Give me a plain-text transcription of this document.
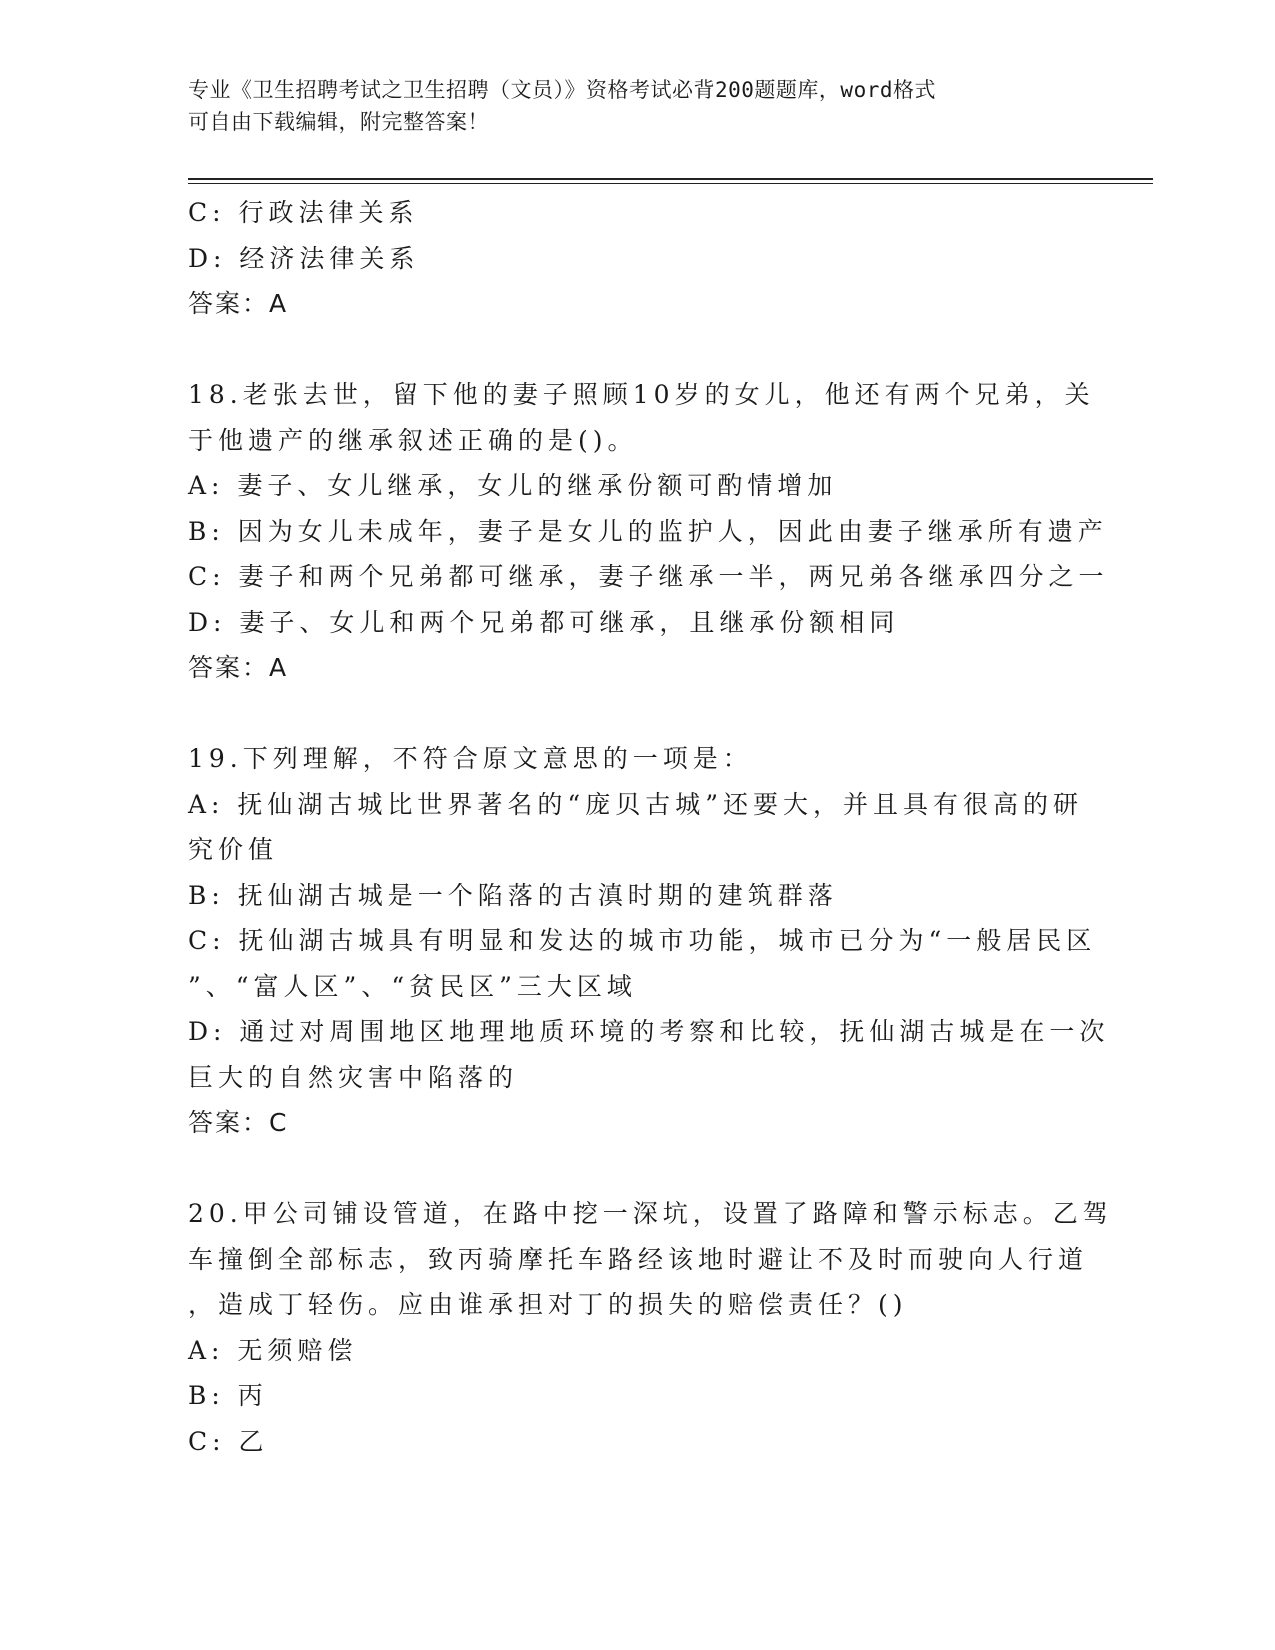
专业《卫生招聘考试之卫生招聘（文员）》资格考试必背200题题库，word格式
可自由下载编辑，附完整答案！
C: 行政法律关系
D: 经济法律关系
答案：A
18.老张去世，留下他的妻子照顾10岁的女儿，他还有两个兄弟，关
于他遗产的继承叙述正确的是()。
A: 妻子、女儿继承，女儿的继承份额可酌情增加
B: 因为女儿未成年，妻子是女儿的监护人，因此由妻子继承所有遗产
C: 妻子和两个兄弟都可继承，妻子继承一半，两兄弟各继承四分之一
D: 妻子、女儿和两个兄弟都可继承，且继承份额相同
答案：A
19.下列理解，不符合原文意思的一项是：
A: 抚仙湖古城比世界著名的“庞贝古城”还要大，并且具有很高的研
究价值
B: 抚仙湖古城是一个陷落的古滇时期的建筑群落
C: 抚仙湖古城具有明显和发达的城市功能，城市已分为“一般居民区
”、“富人区”、“贫民区”三大区域
D: 通过对周围地区地理地质环境的考察和比较，抚仙湖古城是在一次
巨大的自然灾害中陷落的
答案：C
20.甲公司铺设管道，在路中挖一深坑，设置了路障和警示标志。乙驾
车撞倒全部标志，致丙骑摩托车路经该地时避让不及时而驶向人行道
，造成丁轻伤。应由谁承担对丁的损失的赔偿责任？()
A: 无须赔偿
B: 丙
C: 乙
